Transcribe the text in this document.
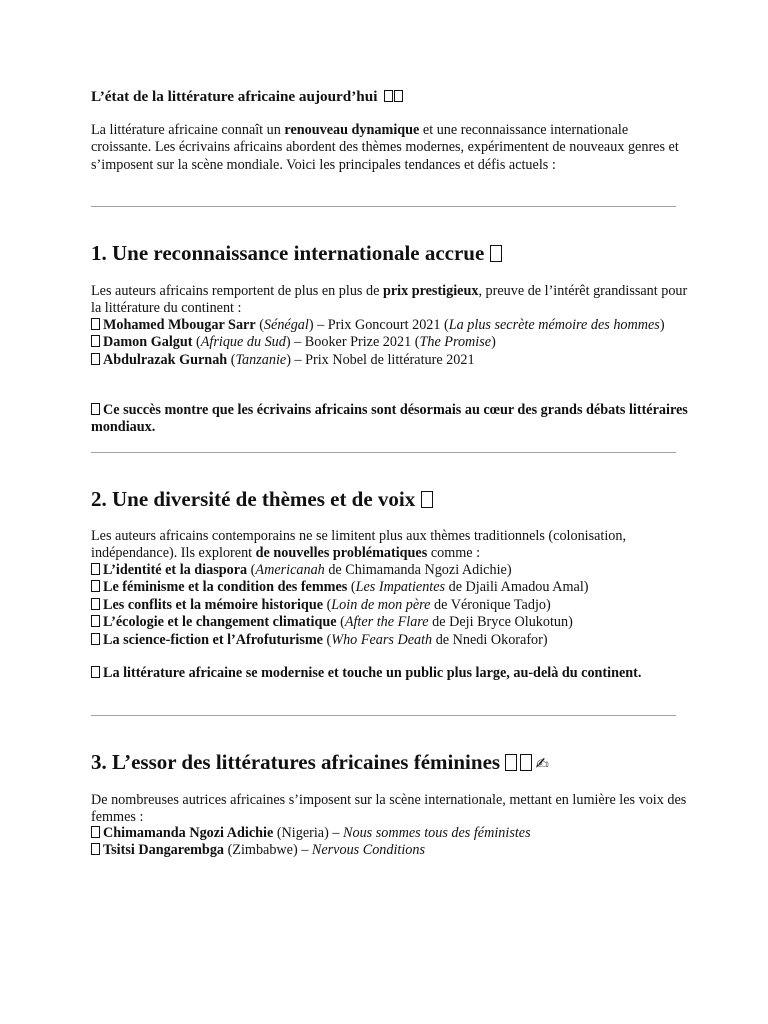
L’état de la littérature africaine aujourd’hui

La littérature africaine connaît un renouveau dynamique et une reconnaissance internationale croissante. Les écrivains africains abordent des thèmes modernes, expérimentent de nouveaux genres et s’imposent sur la scène mondiale. Voici les principales tendances et défis actuels :

1. Une reconnaissance internationale accrue

Les auteurs africains remportent de plus en plus de prix prestigieux, preuve de l’intérêt grandissant pour la littérature du continent :

Mohamed Mbougar Sarr (Sénégal) – Prix Goncourt 2021 (La plus secrète mémoire des hommes)
Damon Galgut (Afrique du Sud) – Booker Prize 2021 (The Promise)
Abdulrazak Gurnah (Tanzanie) – Prix Nobel de littérature 2021

Ce succès montre que les écrivains africains sont désormais au cœur des grands débats littéraires mondiaux.

2. Une diversité de thèmes et de voix

Les auteurs africains contemporains ne se limitent plus aux thèmes traditionnels (colonisation, indépendance). Ils explorent de nouvelles problématiques comme :

L’identité et la diaspora (Americanah de Chimamanda Ngozi Adichie)
Le féminisme et la condition des femmes (Les Impatientes de Djaili Amadou Amal)
Les conflits et la mémoire historique (Loin de mon père de Véronique Tadjo)
L’écologie et le changement climatique (After the Flare de Deji Bryce Olukotun)
La science-fiction et l’Afrofuturisme (Who Fears Death de Nnedi Okorafor)

La littérature africaine se modernise et touche un public plus large, au-delà du continent.

3. L’essor des littératures africaines féminines ✍

De nombreuses autrices africaines s’imposent sur la scène internationale, mettant en lumière les voix des femmes :

Chimamanda Ngozi Adichie (Nigeria) – Nous sommes tous des féministes
Tsitsi Dangarembga (Zimbabwe) – Nervous Conditions
